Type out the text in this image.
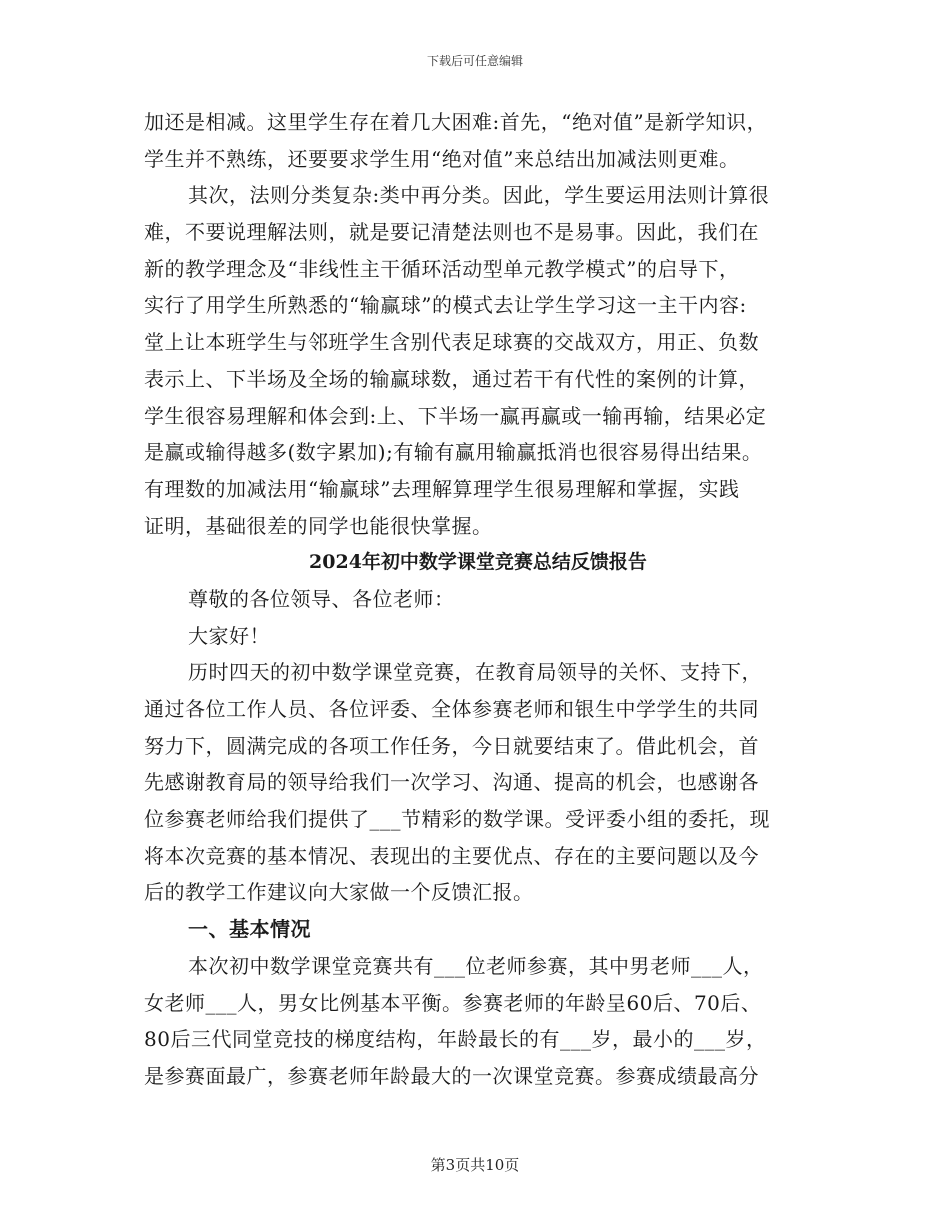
下载后可任意编辑
加还是相减。这里学生存在着几大困难:首先，“绝对值”是新学知识，
学生并不熟练，还要要求学生用“绝对值”来总结出加减法则更难。
其次，法则分类复杂:类中再分类。因此，学生要运用法则计算很
难，不要说理解法则，就是要记清楚法则也不是易事。因此，我们在
新的教学理念及“非线性主干循环活动型单元教学模式”的启导下，
实行了用学生所熟悉的“输赢球”的模式去让学生学习这一主干内容:
堂上让本班学生与邻班学生含别代表足球赛的交战双方，用正、负数
表示上、下半场及全场的输赢球数，通过若干有代性的案例的计算，
学生很容易理解和体会到:上、下半场一赢再赢或一输再输，结果必定
是赢或输得越多(数字累加);有输有赢用输赢抵消也很容易得出结果。
有理数的加减法用“输赢球”去理解算理学生很易理解和掌握，实践
证明，基础很差的同学也能很快掌握。
2024年初中数学课堂竞赛总结反馈报告
尊敬的各位领导、各位老师：
大家好！
历时四天的初中数学课堂竞赛，在教育局领导的关怀、支持下，
通过各位工作人员、各位评委、全体参赛老师和银生中学学生的共同
努力下，圆满完成的各项工作任务，今日就要结束了。借此机会，首
先感谢教育局的领导给我们一次学习、沟通、提高的机会，也感谢各
位参赛老师给我们提供了___节精彩的数学课。受评委小组的委托，现
将本次竞赛的基本情况、表现出的主要优点、存在的主要问题以及今
后的教学工作建议向大家做一个反馈汇报。
一、基本情况
本次初中数学课堂竞赛共有___位老师参赛，其中男老师___人，
女老师___人，男女比例基本平衡。参赛老师的年龄呈60后、70后、
80后三代同堂竞技的梯度结构，年龄最长的有___岁，最小的___岁，
是参赛面最广，参赛老师年龄最大的一次课堂竞赛。参赛成绩最高分
第3页共10页
